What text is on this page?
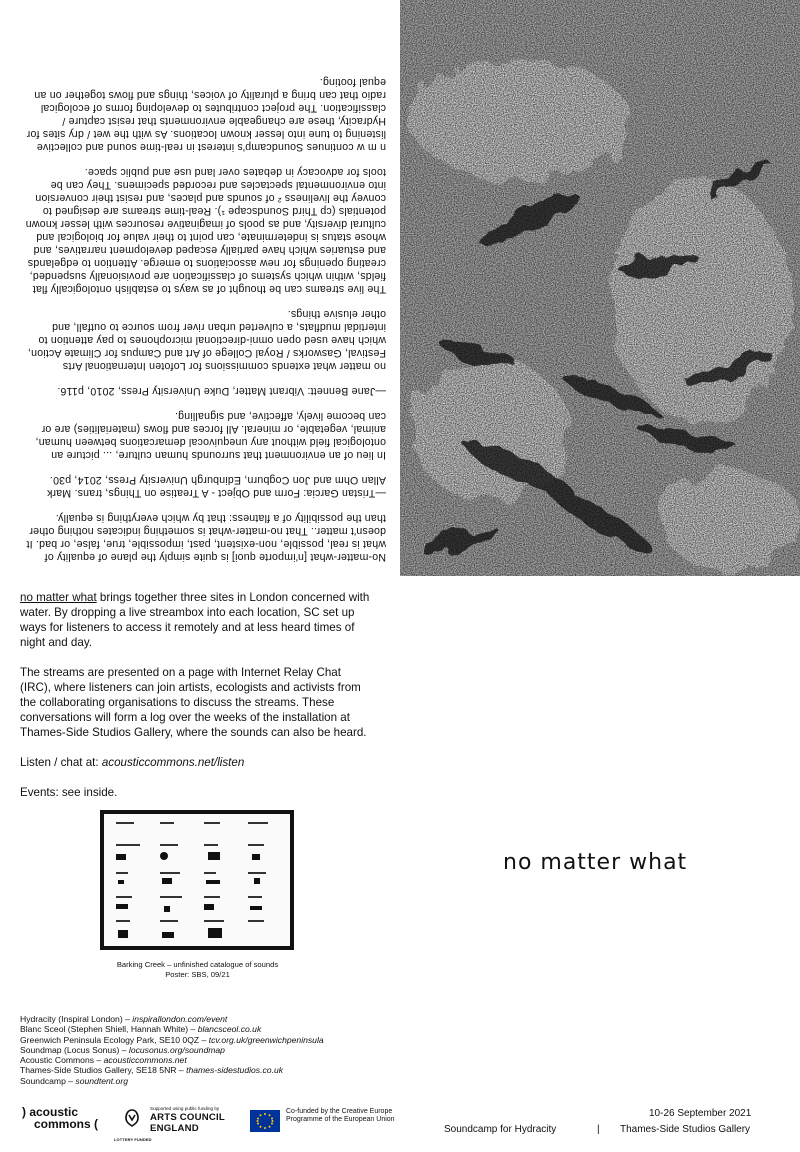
No-matter-what [n'importe quoi] is quite simply the plane of equality of what is real, possible, non-existent, past, impossible, true, false, or bad. It doesn't matter.. That no-matter-what is something indicates nothing other than the possibility of a flatness: that by which everything is equally.

—Tristan Garcia: Form and Object - A Treatise on Things, trans. Mark Allan Ohm and Jon Cogburn, Edinburgh University Press, 2014, p30.

In lieu of an environment that surrounds human culture, ... picture an ontological field without any unequivocal demarcations between human, animal, vegetable, or mineral. All forces and flows (materialities) are or can become lively, affective, and signalling.

—Jane Bennett: Vibrant Matter, Duke University Press, 2010, p116.

no matter what extends commissions for Lofoten International Arts Festival, Gasworks / Royal College of Art and Campus for Climate Action, which have used open omni-directional microphones to pay attention to intertidal mudflats, a culverted urban river from source to outfall, and other elusive things.

The live streams can be thought of as ways to establish ontologically flat fields, within which systems of classification are provisionally suspended, creating openings for new associations to emerge. Attention to edgelands and estuaries which have partially escaped development narratives, and whose status is indeterminate, can point to their value for biological and cultural diversity, and as pools of imaginative resources with lesser known potentials (cp Third Soundscape ¹). Real-time streams are designed to convey the liveliness ² of sounds and places, and resist their conversion into environmental spectacles and recorded specimens. They can be tools for advocacy in debates over land use and public space.

n m w continues Soundcamp's interest in real-time sound and collective listening to tune into lesser known locations. As with the wet / dry sites for Hydracity, these are changeable environments that resist capture / classification. The project contributes to developing forms of ecological radio that can bring a plurality of voices, things and flows together on an equal footing.

no matter what brings together three sites in London concerned with water. By dropping a live streambox into each location, SC set up ways for listeners to access it remotely and at less heard times of night and day.

The streams are presented on a page with Internet Relay Chat (IRC), where listeners can join artists, ecologists and activists from the collaborating organisations to discuss the streams. These conversations will form a log over the weeks of the installation at Thames-Side Studios Gallery, where the sounds can also be heard.

Listen / chat at: acousticcommons.net/listen

Events: see inside.

no matter what
Barking Creek – unfinished catalogue of sounds
Poster: SBS, 09/21
Hydracity (Inspiral London) – inspirallondon.com/event
Blanc Sceol (Stephen Shiell, Hannah White) – blancsceol.co.uk
Greenwich Peninsula Ecology Park, SE10 0QZ – tcv.org.uk/greenwichpeninsula
Soundmap (Locus Sonus) – locusonus.org/soundmap
Acoustic Commons – acousticcommons.net
Thames-Side Studios Gallery, SE18 5NR – thames-sidestudios.co.uk
Soundcamp – soundtent.org
) acoustic
commons (
LOTTERY FUNDED
Supported using public funding by
ARTS COUNCIL
ENGLAND
Co-funded by the Creative Europe Programme of the European Union
Soundcamp for Hydracity	|
10-26 September 2021
Thames-Side Studios Gallery
